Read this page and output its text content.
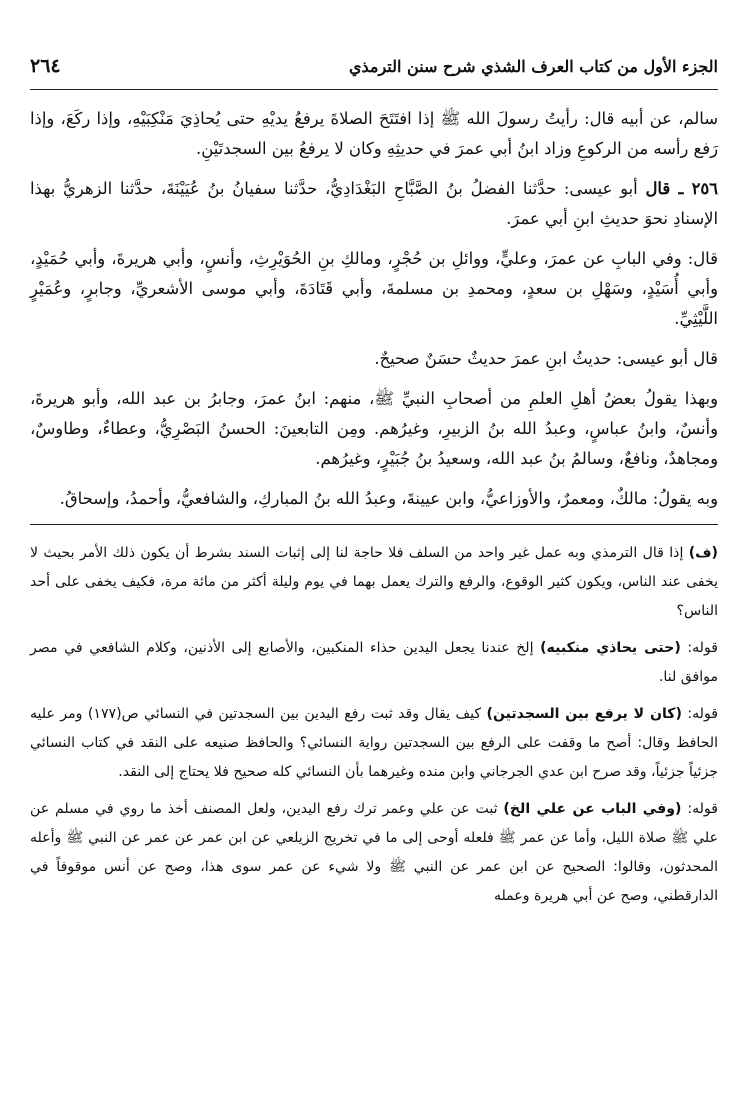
الجزء الأول من كتاب العرف الشذي شرح سنن الترمذي
٢٦٤

سالم، عن أبيه قال: رأيتُ رسولَ الله ﷺ إذا افتَتَحَ الصلاةَ يرفعُ يديْهِ حتى يُحاذِيَ مَنْكِبَيْهِ، وإذا ركَعَ، وإذا رَفع رأسه من الركوعِ وزاد ابنُ أبي عمرَ في حديثِهِ وكان لا يرفعُ بين السجدتَيْنِ.

٢٥٦ ـ قال أبو عيسى: حدَّثنا الفضلُ بنُ الصَّبَّاحِ البَغْدَادِيُّ، حدَّثنا سفيانُ بنُ عُيَيْنَةَ، حدَّثنا الزهريُّ بهذا الإسنادِ نحوَ حديثِ ابنِ أبي عمرَ.

قال: وفي البابِ عن عمرَ، وعليٍّ، ووائلِ بن حُجْرٍ، ومالكِ بنِ الحُوَيْرِثِ، وأنسٍ، وأبي هريرةَ، وأبي حُمَيْدٍ، وأبي أُسَيْدٍ، وسَهْلِ بن سعدٍ، ومحمدِ بن مسلمةَ، وأبي قَتَادَةَ، وأبي موسى الأشعريِّ، وجابرٍ، وعُمَيْرٍ اللَّيْثِيِّ.

قال أبو عيسى: حديثُ ابنِ عمرَ حديثٌ حسَنٌ صحيحٌ.

وبهذا يقولُ بعضُ أهلِ العلمِ من أصحابِ النبيِّ ﷺ، منهم: ابنُ عمرَ، وجابرُ بن عبد الله، وأبو هريرةَ، وأنسٌ، وابنُ عباسٍ، وعبدُ الله بنُ الزبيرِ، وغيرُهم. ومِن التابعينَ: الحسنُ البَصْرِيُّ، وعطاءٌ، وطاوسٌ، ومجاهدٌ، ونافعٌ، وسالمُ بنُ عبد الله، وسعيدُ بنُ جُبَيْرٍ، وغيرُهم.

وبه يقولُ: مالكٌ، ومعمرٌ، والأوزاعيُّ، وابن عيينةَ، وعبدُ الله بنُ المباركِ، والشافعيُّ، وأحمدُ، وإسحاقُ.

(ف) إذا قال الترمذي وبه عمل غير واحد من السلف فلا حاجة لنا إلى إثبات السند بشرط أن يكون ذلك الأمر بحيث لا يخفى عند الناس، ويكون كثير الوقوع، والرفع والترك يعمل بهما في يوم وليلة أكثر من مائة مرة، فكيف يخفى على أحد الناس؟

قوله: (حتى يحاذي منكبيه) إلخ عندنا يجعل اليدين حذاء المنكبين، والأصابع إلى الأذنين، وكلام الشافعي في مصر موافق لنا.

قوله: (كان لا يرفع بين السجدتين) كيف يقال وقد ثبت رفع اليدين بين السجدتين في النسائي ص(١٧٧) ومر عليه الحافظ وقال: أصح ما وقفت على الرفع بين السجدتين رواية النسائي؟ والحافظ صنيعه على النقد في كتاب النسائي جزئياً جزئياً، وقد صرح ابن عدي الجرجاني وابن منده وغيرهما بأن النسائي كله صحيح فلا يحتاج إلى النقد.

قوله: (وفي الباب عن علي الخ) ثبت عن علي وعمر ترك رفع اليدين، ولعل المصنف أخذ ما روي في مسلم عن علي ﷺ صلاة الليل، وأما عن عمر ﷺ فلعله أوحى إلى ما في تخريج الزيلعي عن ابن عمر عن عمر عن النبي ﷺ وأعله المحدثون، وقالوا: الصحيح عن ابن عمر عن النبي ﷺ ولا شيء عن عمر سوى هذا، وصح عن أنس موقوفاً في الدارقطني، وصح عن أبي هريرة وعمله
